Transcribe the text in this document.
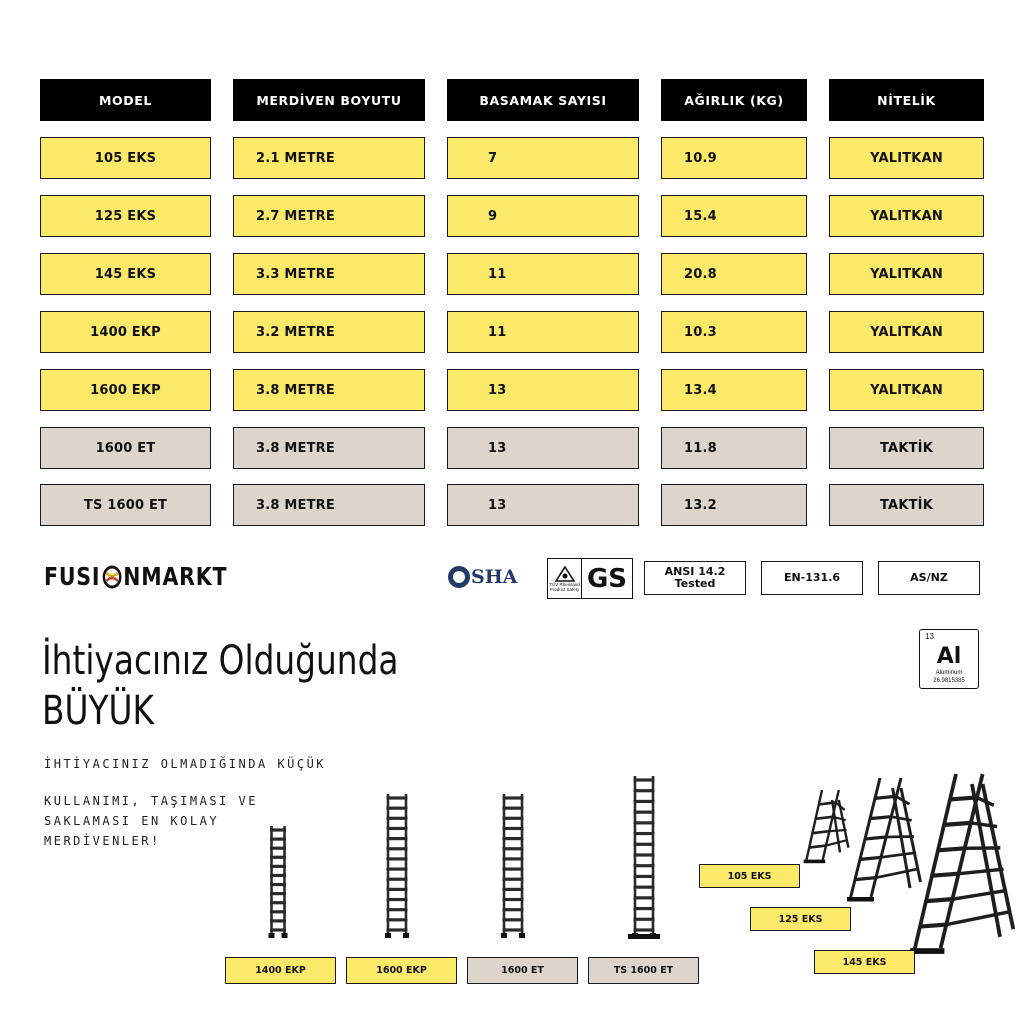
MODEL	MERDİVEN BOYUTU	BASAMAK SAYISI	AĞIRLIK (KG)	NİTELİK
105 EKS	2.1 METRE	7	10.9	YALITKAN
125 EKS	2.7 METRE	9	15.4	YALITKAN
145 EKS	3.3 METRE	11	20.8	YALITKAN
1400 EKP	3.2 METRE	11	10.3	YALITKAN
1600 EKP	3.8 METRE	13	13.4	YALITKAN
1600 ET	3.8 METRE	13	11.8	TAKTİK
TS 1600 ET	3.8 METRE	13	13.2	TAKTİK
FUSI NMARKT	SHA	TÜV Rheinland Product Safety GS	ANSI 14.2 Tested	EN-131.6	AS/NZ
İhtiyacınız Olduğunda
BÜYÜK
İHTİYACINIZ OLMADIĞINDA KÜÇÜK
KULLANIMI, TAŞIMASI VE
SAKLAMASI EN KOLAY
MERDİVENLER!
13
Al
Aluminum
26.9815385
1400 EKP	1600 EKP	1600 ET	TS 1600 ET
105 EKS
125 EKS
145 EKS
